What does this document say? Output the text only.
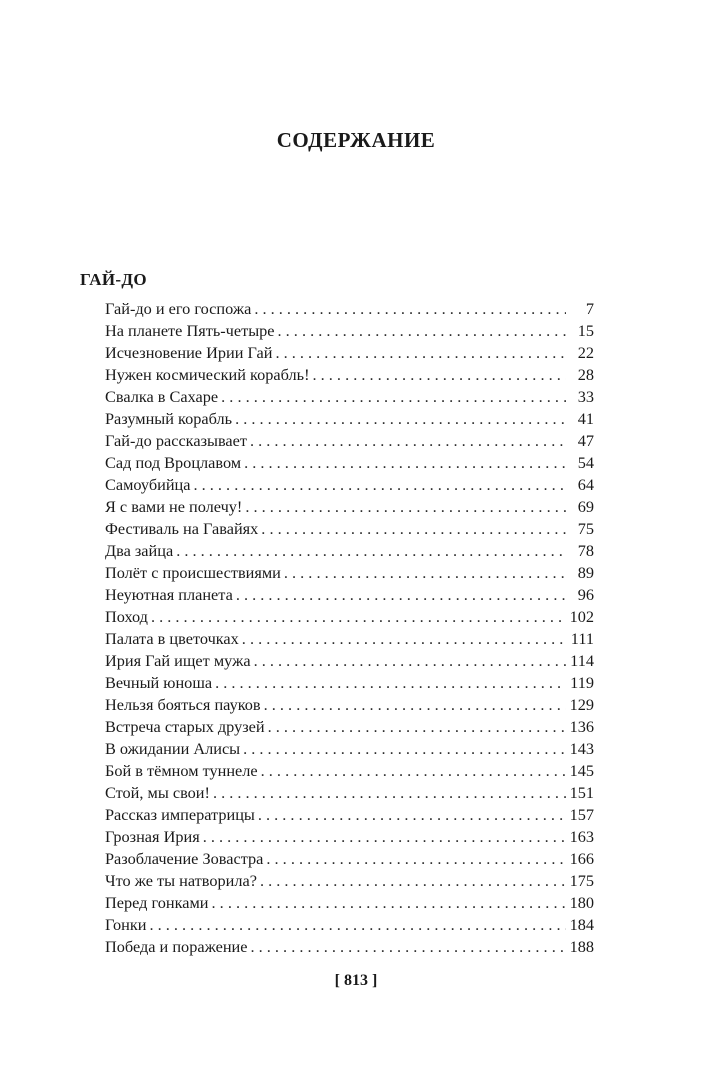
СОДЕРЖАНИЕ
ГАЙ-ДО
Гай-до и его госпожа . . .	7
На планете Пять-четыре . . .	15
Исчезновение Ирии Гай . . .	22
Нужен космический корабль! . . .	28
Свалка в Сахаре . . .	33
Разумный корабль . . .	41
Гай-до рассказывает . . .	47
Сад под Вроцлавом . . .	54
Самоубийца . . .	64
Я с вами не полечу! . . .	69
Фестиваль на Гавайях . . .	75
Два зайца . . .	78
Полёт с происшествиями . . .	89
Неуютная планета . . .	96
Поход . . .	102
Палата в цветочках . . .	111
Ирия Гай ищет мужа . . .	114
Вечный юноша . . .	119
Нельзя бояться пауков . . .	129
Встреча старых друзей . . .	136
В ожидании Алисы . . .	143
Бой в тёмном туннеле . . .	145
Стой, мы свои! . . .	151
Рассказ императрицы . . .	157
Грозная Ирия . . .	163
Разоблачение Зовастра . . .	166
Что же ты натворила? . . .	175
Перед гонками . . .	180
Гонки . . .	184
Победа и поражение . . .	188
[ 813 ]
